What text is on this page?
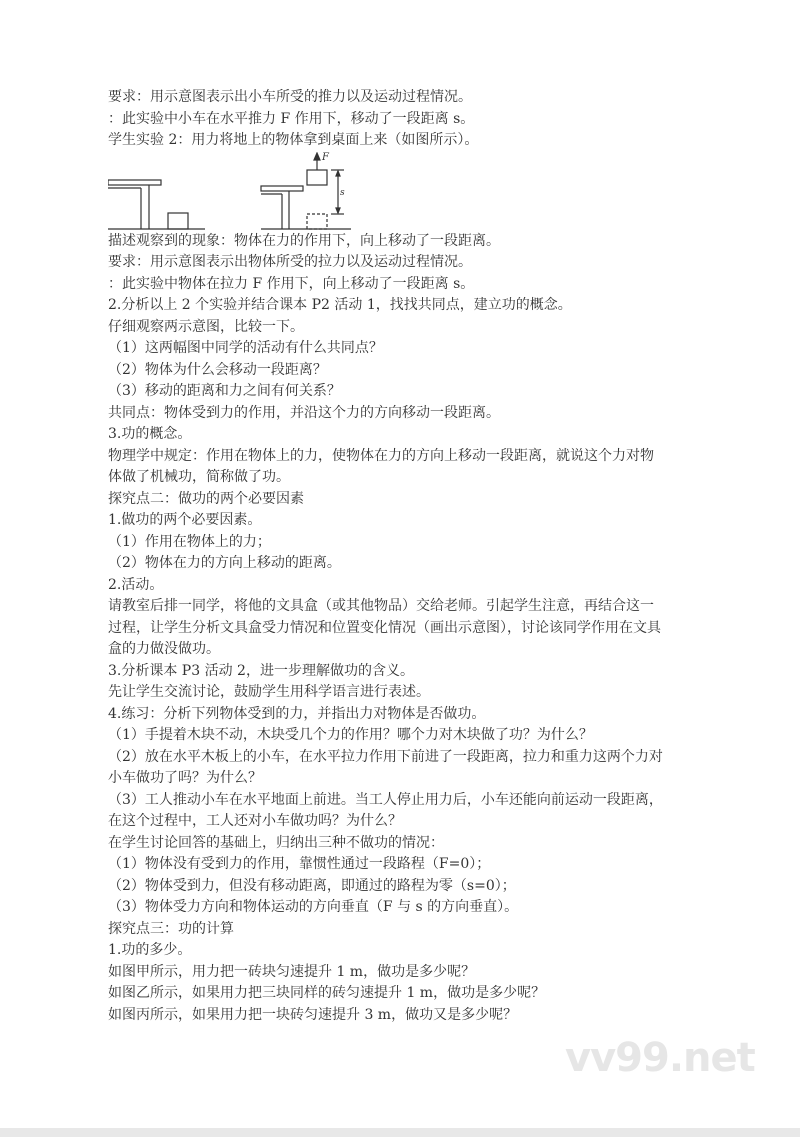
要求：用示意图表示出小车所受的推力以及运动过程情况。
：此实验中小车在水平推力 F 作用下，移动了一段距离 s。
学生实验 2：用力将地上的物体拿到桌面上来（如图所示）。
F
s
描述观察到的现象：物体在力的作用下，向上移动了一段距离。
要求：用示意图表示出物体所受的拉力以及运动过程情况。
：此实验中物体在拉力 F 作用下，向上移动了一段距离 s。
2.分析以上 2 个实验并结合课本 P2 活动 1，找找共同点，建立功的概念。
仔细观察两示意图，比较一下。
（1）这两幅图中同学的活动有什么共同点？
（2）物体为什么会移动一段距离？
（3）移动的距离和力之间有何关系？
共同点：物体受到力的作用，并沿这个力的方向移动一段距离。
3.功的概念。
物理学中规定：作用在物体上的力，使物体在力的方向上移动一段距离，就说这个力对物
体做了机械功，简称做了功。
探究点二：做功的两个必要因素
1.做功的两个必要因素。
（1）作用在物体上的力；
（2）物体在力的方向上移动的距离。
2.活动。
请教室后排一同学，将他的文具盒（或其他物品）交给老师。引起学生注意，再结合这一
过程，让学生分析文具盒受力情况和位置变化情况（画出示意图），讨论该同学作用在文具
盒的力做没做功。
3.分析课本 P3 活动 2，进一步理解做功的含义。
先让学生交流讨论，鼓励学生用科学语言进行表述。
4.练习：分析下列物体受到的力，并指出力对物体是否做功。
（1）手提着木块不动，木块受几个力的作用？哪个力对木块做了功？为什么？
（2）放在水平木板上的小车，在水平拉力作用下前进了一段距离，拉力和重力这两个力对
小车做功了吗？为什么？
（3）工人推动小车在水平地面上前进。当工人停止用力后，小车还能向前运动一段距离，
在这个过程中，工人还对小车做功吗？为什么？
在学生讨论回答的基础上，归纳出三种不做功的情况：
（1）物体没有受到力的作用，靠惯性通过一段路程（F=0）；
（2）物体受到力，但没有移动距离，即通过的路程为零（s=0）；
（3）物体受力方向和物体运动的方向垂直（F 与 s 的方向垂直）。
探究点三：功的计算
1.功的多少。
如图甲所示，用力把一砖块匀速提升 1 m，做功是多少呢？
如图乙所示，如果用力把三块同样的砖匀速提升 1 m，做功是多少呢？
如图丙所示，如果用力把一块砖匀速提升 3 m，做功又是多少呢？
vv99.net
